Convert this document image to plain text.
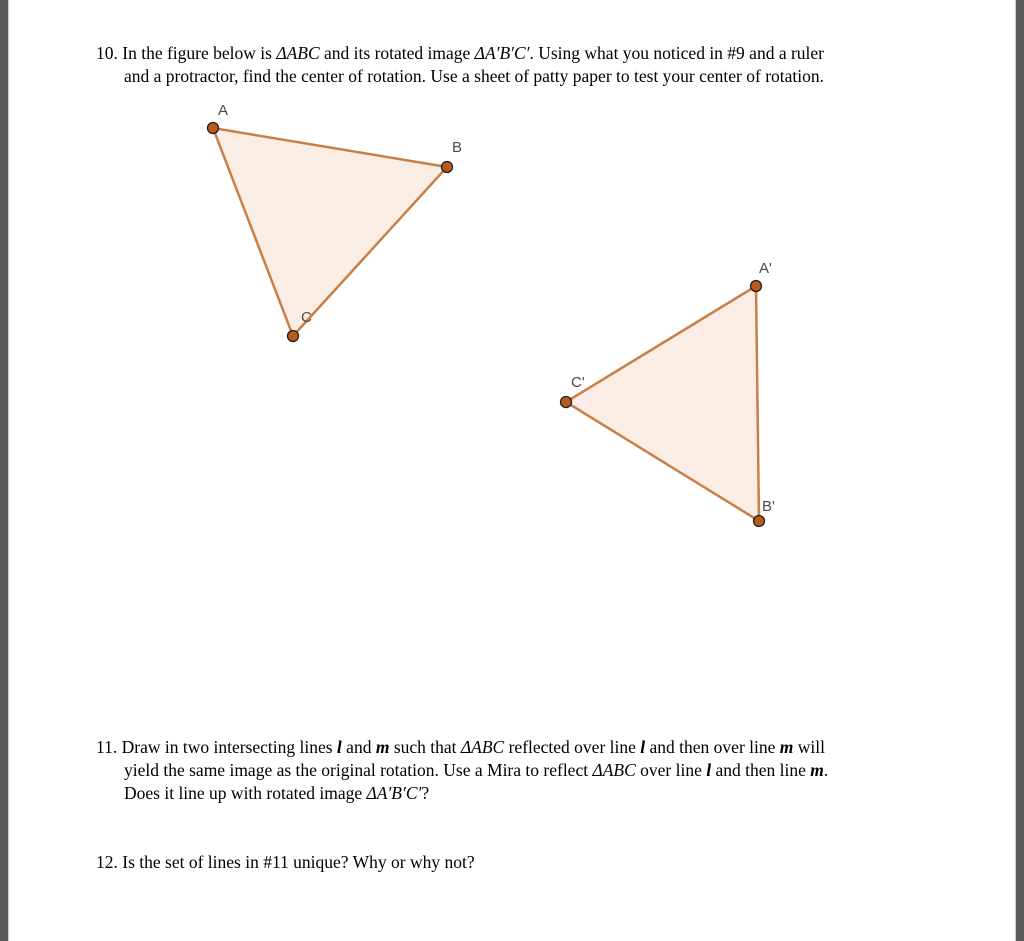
10. In the figure below is ΔABC and its rotated image ΔA′B′C′. Using what you noticed in #9 and a ruler
and a protractor, find the center of rotation. Use a sheet of patty paper to test your center of rotation.
A
B
C
A'
B'
C'
11. Draw in two intersecting lines l and m such that ΔABC reflected over line l and then over line m will
yield the same image as the original rotation. Use a Mira to reflect ΔABC over line l and then line m.
Does it line up with rotated image ΔA′B′C′?
12. Is the set of lines in #11 unique? Why or why not?
